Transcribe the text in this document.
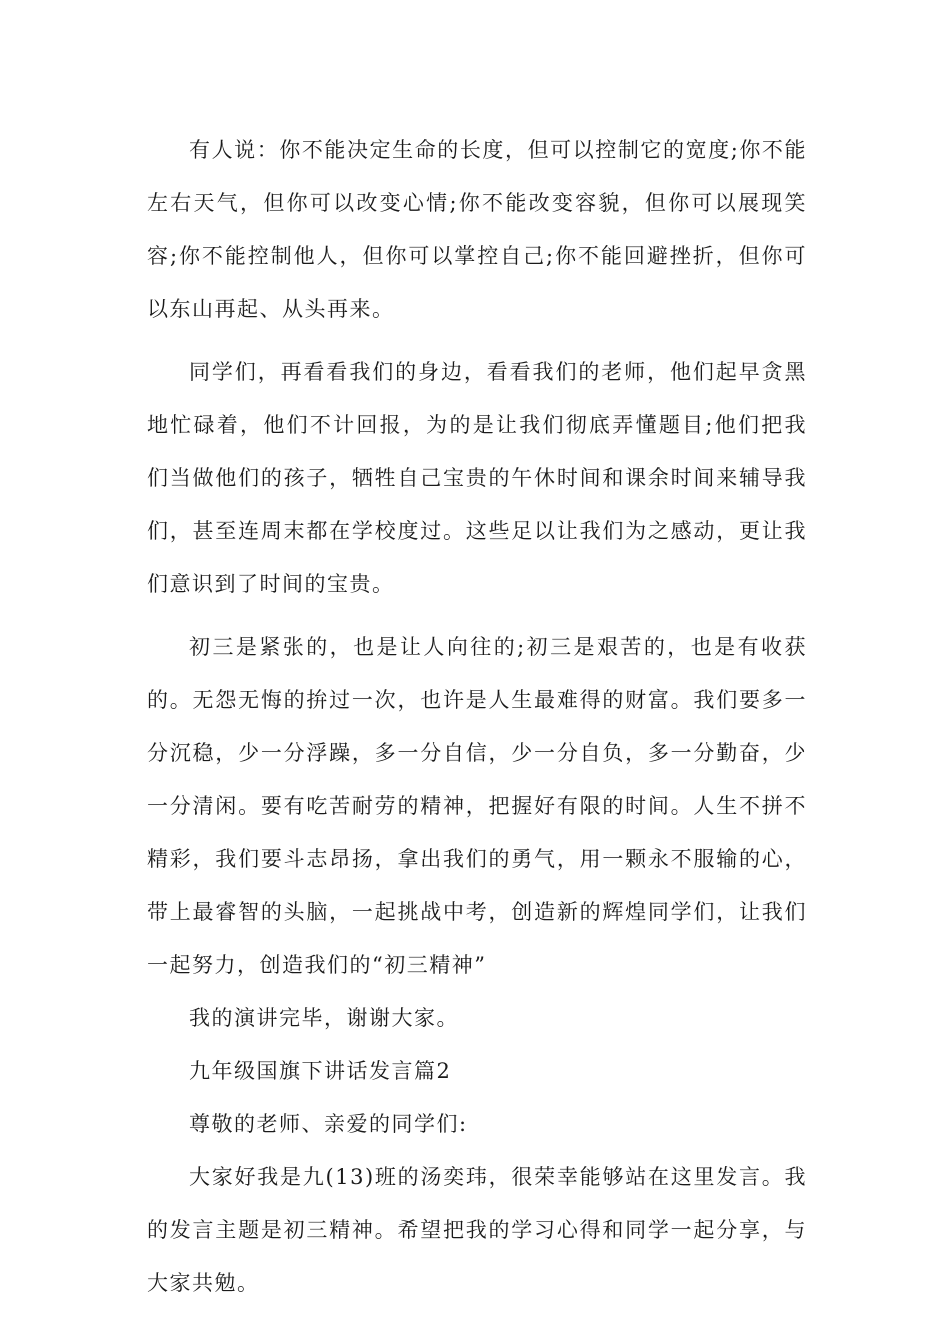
有人说：你不能决定生命的长度，但可以控制它的宽度;你不能左右天气，但你可以改变心情;你不能改变容貌，但你可以展现笑容;你不能控制他人，但你可以掌控自己;你不能回避挫折，但你可以东山再起、从头再来。

同学们，再看看我们的身边，看看我们的老师，他们起早贪黑地忙碌着，他们不计回报，为的是让我们彻底弄懂题目;他们把我们当做他们的孩子，牺牲自己宝贵的午休时间和课余时间来辅导我们，甚至连周末都在学校度过。这些足以让我们为之感动，更让我们意识到了时间的宝贵。

初三是紧张的，也是让人向往的;初三是艰苦的，也是有收获的。无怨无悔的拚过一次，也许是人生最难得的财富。我们要多一分沉稳，少一分浮躁，多一分自信，少一分自负，多一分勤奋，少一分清闲。要有吃苦耐劳的精神，把握好有限的时间。人生不拼不精彩，我们要斗志昂扬，拿出我们的勇气，用一颗永不服输的心，带上最睿智的头脑，一起挑战中考，创造新的辉煌同学们，让我们一起努力，创造我们的“初三精神”

我的演讲完毕，谢谢大家。

九年级国旗下讲话发言篇2

尊敬的老师、亲爱的同学们:

大家好我是九(13)班的汤奕玮，很荣幸能够站在这里发言。我的发言主题是初三精神。希望把我的学习心得和同学一起分享，与大家共勉。
